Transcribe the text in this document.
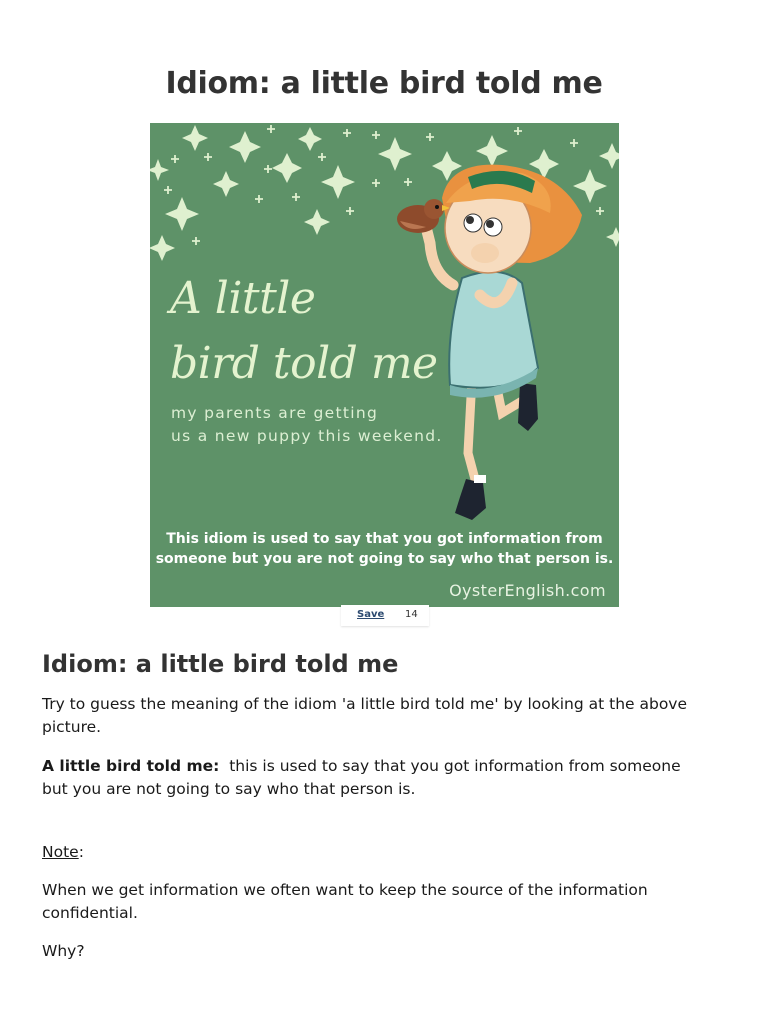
Idiom: a little bird told me
A little
bird told me
my parents are getting
us a new puppy this weekend.
This idiom is used to say that you got information from
someone but you are not going to say who that person is.
OysterEnglish.com
Save 14
Idiom: a little bird told me
Try to guess the meaning of the idiom 'a little bird told me' by looking at the above picture.
A little bird told me: this is used to say that you got information from someone but you are not going to say who that person is.
Note:
When we get information we often want to keep the source of the information confidential.
Why?
